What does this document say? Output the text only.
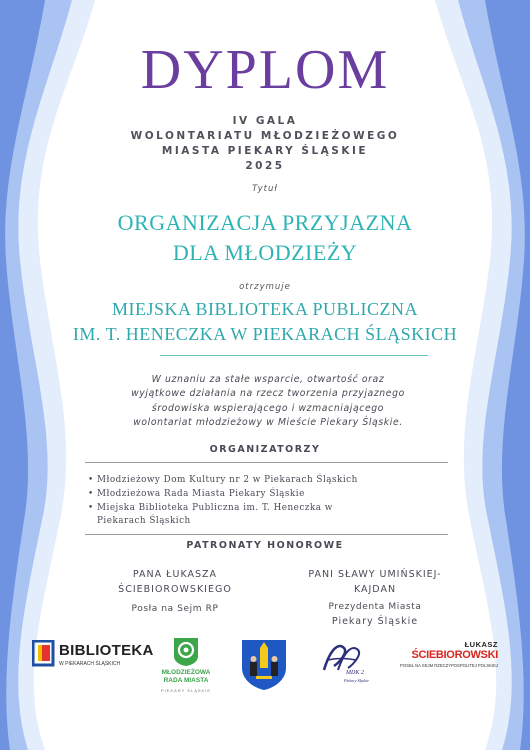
DYPLOM
IV GALA
WOLONTARIATU MŁODZIEŻOWEGO
MIASTA PIEKARY ŚLĄSKIE
2025
Tytuł
ORGANIZACJA PRZYJAZNA
DLA MŁODZIEŻY
otrzymuje
MIEJSKA BIBLIOTEKA PUBLICZNA
IM. T. HENECZKA W PIEKARACH ŚLĄSKICH
W uznaniu za stałe wsparcie, otwartość oraz
wyjątkowe działania na rzecz tworzenia przyjaznego
środowiska wspierającego i wzmacniającego
wolontariat młodzieżowy w Mieście Piekary Śląskie.
ORGANIZATORZY
• Młodzieżowy Dom Kultury nr 2 w Piekarach Śląskich
• Młodzieżowa Rada Miasta Piekary Śląskie
• Miejska Biblioteka Publiczna im. T. Heneczka w
Piekarach Śląskich
PATRONATY HONOROWE
PANA ŁUKASZA
ŚCIEBIOROWSKIEGO
Posła na Sejm RP
PANI SŁAWY UMIŃSKIEJ-
KAJDAN
Prezydenta Miasta
Piekary Śląskie
BIBLIOTEKA
W PIEKARACH ŚLĄSKICH
MŁODZIEŻOWA
RADA MIASTA
PIEKARY ŚLĄSKIE
MDK 2
Piekary Śląskie
ŁUKASZ
ŚCIEBIOROWSKI
POSEŁ NA SEJM RZECZYPOSPOLITEJ POLSKIEJ
